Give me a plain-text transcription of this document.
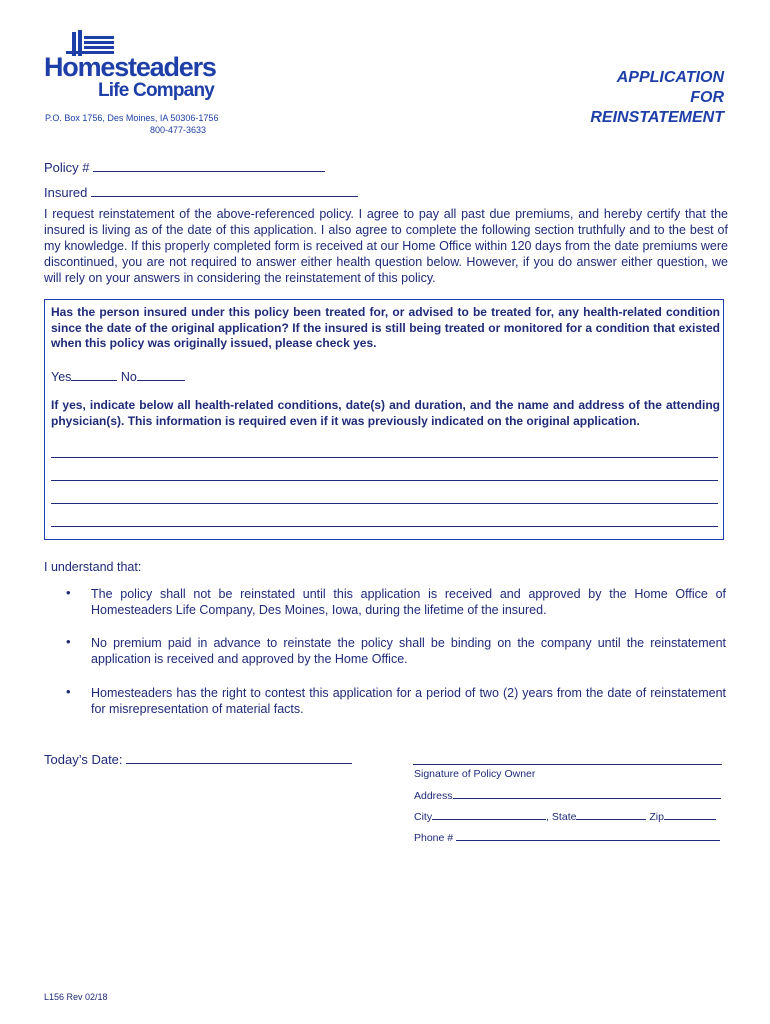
Homesteaders
Life Company
P.O. Box 1756, Des Moines, IA 50306-1756
800-477-3633
APPLICATION
FOR
REINSTATEMENT
Policy #
Insured
I request reinstatement of the above-referenced policy. I agree to pay all past due premiums, and hereby certify that the insured is living as of the date of this application. I also agree to complete the following section truthfully and to the best of my knowledge. If this properly completed form is received at our Home Office within 120 days from the date premiums were discontinued, you are not required to answer either health question below. However, if you do answer either question, we will rely on your answers in considering the reinstatement of this policy.
Has the person insured under this policy been treated for, or advised to be treated for, any health-related condition since the date of the original application? If the insured is still being treated or monitored for a condition that existed when this policy was originally issued, please check yes.
Yes	No
If yes, indicate below all health-related conditions, date(s) and duration, and the name and address of the attending physician(s). This information is required even if it was previously indicated on the original application.
I understand that:
• The policy shall not be reinstated until this application is received and approved by the Home Office of Homesteaders Life Company, Des Moines, Iowa, during the lifetime of the insured.
• No premium paid in advance to reinstate the policy shall be binding on the company until the reinstatement application is received and approved by the Home Office.
• Homesteaders has the right to contest this application for a period of two (2) years from the date of reinstatement for misrepresentation of material facts.
Today’s Date:
Signature of Policy Owner
Address
City	, State	Zip
Phone #
L156 Rev 02/18
